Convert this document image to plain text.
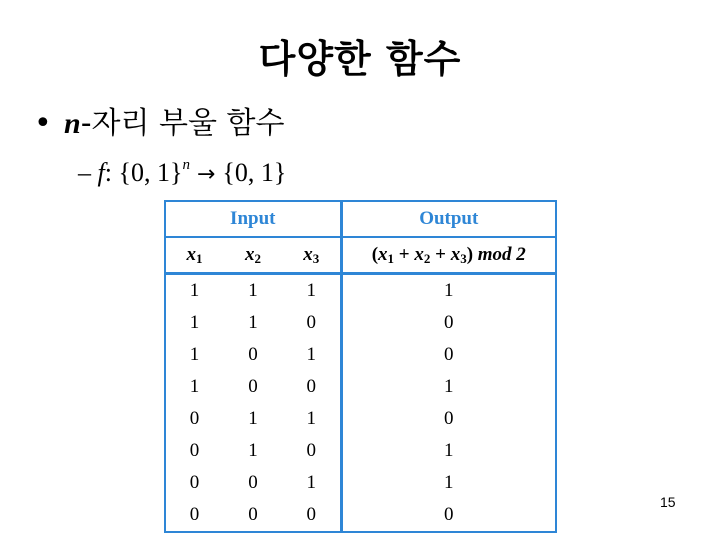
다양한 함수
• n-자리 부울 함수
– f: {0, 1}$^n$ → {0, 1}
Input			Output
$x_1$	$x_2$	$x_3$	$(x_1 + x_2 + x_3)$ mod 2
1	1	1	1
1	1	0	0
1	0	1	0
1	0	0	1
0	1	1	0
0	1	0	1
0	0	1	1
0	0	0	0
15
